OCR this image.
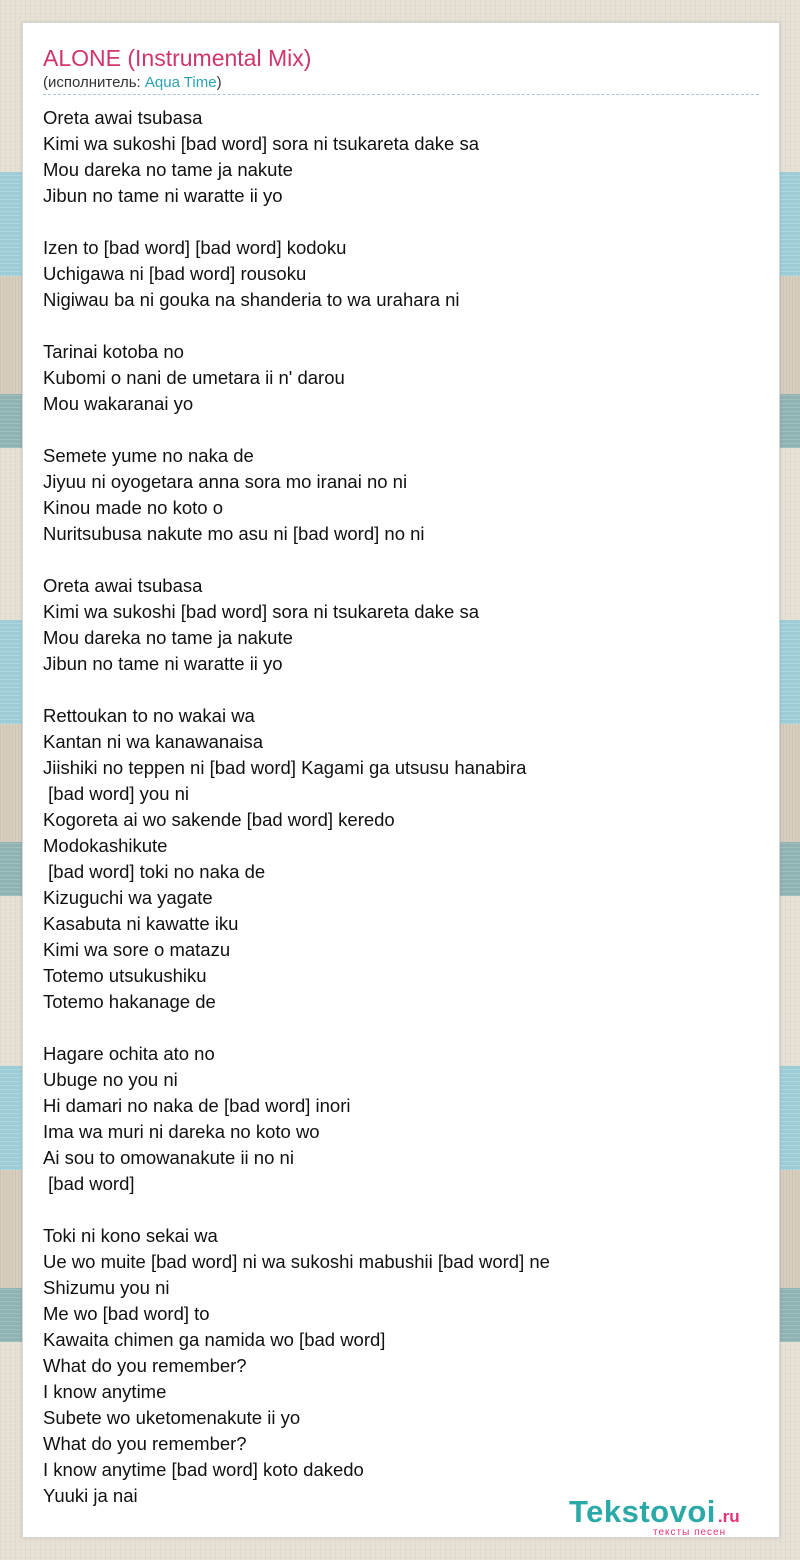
ALONE (Instrumental Mix)
(исполнитель: Aqua Time)
Oreta awai tsubasa
Kimi wa sukoshi [bad word] sora ni tsukareta dake sa
Mou dareka no tame ja nakute
Jibun no tame ni waratte ii yo
Izen to [bad word] [bad word] kodoku
Uchigawa ni [bad word] rousoku
Nigiwau ba ni gouka na shanderia to wa urahara ni
Tarinai kotoba no
Kubomi o nani de umetara ii n' darou
Mou wakaranai yo
Semete yume no naka de
Jiyuu ni oyogetara anna sora mo iranai no ni
Kinou made no koto o
Nuritsubusa nakute mo asu ni [bad word] no ni
Oreta awai tsubasa
Kimi wa sukoshi [bad word] sora ni tsukareta dake sa
Mou dareka no tame ja nakute
Jibun no tame ni waratte ii yo
Rettoukan to no wakai wa
Kantan ni wa kanawanaisa
Jiishiki no teppen ni [bad word] Kagami ga utsusu hanabira
[bad word] you ni
Kogoreta ai wo sakende [bad word] keredo
Modokashikute
[bad word] toki no naka de
Kizuguchi wa yagate
Kasabuta ni kawatte iku
Kimi wa sore o matazu
Totemo utsukushiku
Totemo hakanage de
Hagare ochita ato no
Ubuge no you ni
Hi damari no naka de [bad word] inori
Ima wa muri ni dareka no koto wo
Ai sou to omowanakute ii no ni
[bad word]
Toki ni kono sekai wa
Ue wo muite [bad word] ni wa sukoshi mabushii [bad word] ne
Shizumu you ni
Me wo [bad word] to
Kawaita chimen ga namida wo [bad word]
What do you remember?
I know anytime
Subete wo uketomenakute ii yo
What do you remember?
I know anytime [bad word] koto dakedo
Yuuki ja nai	Tekstovoi .ru
тексты песен
